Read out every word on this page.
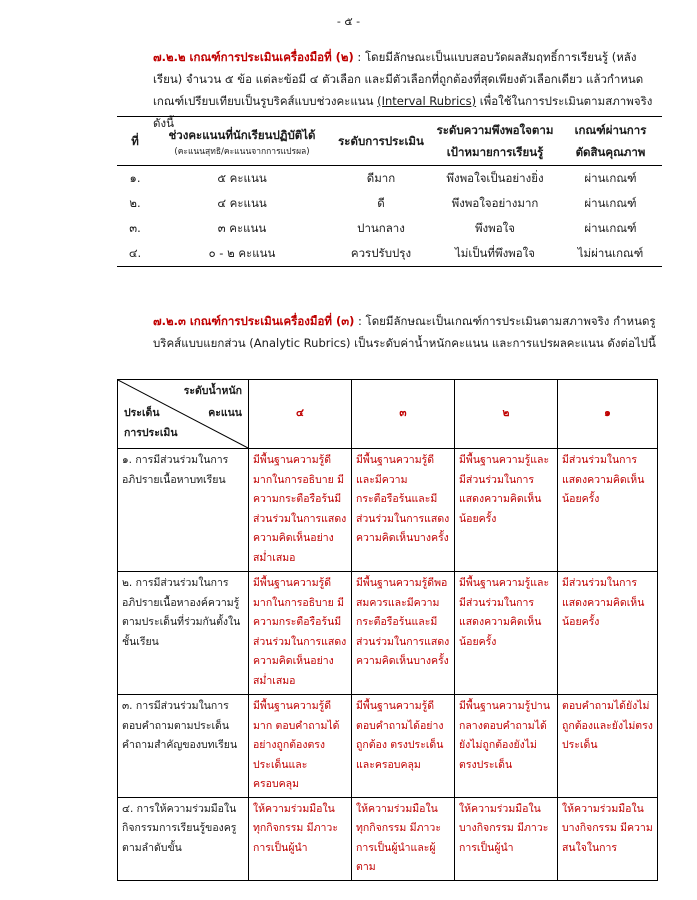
- ๕ -
๗.๒.๒ เกณฑ์การประเมินเครื่องมือที่ (๒) : โดยมีลักษณะเป็นแบบสอบวัดผลสัมฤทธิ์การเรียนรู้ (หลังเรียน) จำนวน ๕ ข้อ แต่ละข้อมี ๔ ตัวเลือก และมีตัวเลือกที่ถูกต้องที่สุดเพียงตัวเลือกเดียว แล้วกำหนดเกณฑ์เปรียบเทียบเป็นรูบริคส์แบบช่วงคะแนน (Interval Rubrics) เพื่อใช้ในการประเมินตามสภาพจริง ดังนี้
ที่	ช่วงคะแนนที่นักเรียนปฏิบัติได้
(คะแนนสุทธิ/คะแนนจากการแปรผล)	ระดับการประเมิน	ระดับความพึงพอใจตามเป้าหมายการเรียนรู้	เกณฑ์ผ่านการตัดสินคุณภาพ
๑.	๕ คะแนน	ดีมาก	พึงพอใจเป็นอย่างยิ่ง	ผ่านเกณฑ์
๒.	๔ คะแนน	ดี	พึงพอใจอย่างมาก	ผ่านเกณฑ์
๓.	๓ คะแนน	ปานกลาง	พึงพอใจ	ผ่านเกณฑ์
๔.	๐ - ๒ คะแนน	ควรปรับปรุง	ไม่เป็นที่พึงพอใจ	ไม่ผ่านเกณฑ์
๗.๒.๓ เกณฑ์การประเมินเครื่องมือที่ (๓) : โดยมีลักษณะเป็นเกณฑ์การประเมินตามสภาพจริง กำหนดรูบริคส์แบบแยกส่วน (Analytic Rubrics) เป็นระดับค่าน้ำหนักคะแนน และการแปรผลคะแนน ดังต่อไปนี้
ระดับน้ำหนัก
คะแนน
ประเด็น
การประเมิน	๔	๓	๒	๑
๑. การมีส่วนร่วมในการอภิปรายเนื้อหาบทเรียน	มีพื้นฐานความรู้ดีมากในการอธิบาย มีความกระตือรือร้นมีส่วนร่วมในการแสดงความคิดเห็นอย่างสม่ำเสมอ	มีพื้นฐานความรู้ดีและมีความกระตือรือร้นและมีส่วนร่วมในการแสดงความคิดเห็นบางครั้ง	มีพื้นฐานความรู้และมีส่วนร่วมในการแสดงความคิดเห็นน้อยครั้ง	มีส่วนร่วมในการแสดงความคิดเห็นน้อยครั้ง
๒. การมีส่วนร่วมในการอภิปรายเนื้อหาองค์ความรู้ตามประเด็นที่ร่วมกันตั้งในชั้นเรียน	มีพื้นฐานความรู้ดีมากในการอธิบาย มีความกระตือรือร้นมีส่วนร่วมในการแสดงความคิดเห็นอย่างสม่ำเสมอ	มีพื้นฐานความรู้ดีพอสมควรและมีความกระตือรือร้นและมีส่วนร่วมในการแสดงความคิดเห็นบางครั้ง	มีพื้นฐานความรู้และมีส่วนร่วมในการแสดงความคิดเห็นน้อยครั้ง	มีส่วนร่วมในการแสดงความคิดเห็นน้อยครั้ง
๓. การมีส่วนร่วมในการตอบคำถามตามประเด็นคำถามสำคัญของบทเรียน	มีพื้นฐานความรู้ดีมาก ตอบคำถามได้อย่างถูกต้องตรงประเด็นและครอบคลุม	มีพื้นฐานความรู้ดี ตอบคำถามได้อย่างถูกต้อง ตรงประเด็นและครอบคลุม	มีพื้นฐานความรู้ปานกลางตอบคำถามได้ ยังไม่ถูกต้องยังไม่ตรงประเด็น	ตอบคำถามได้ยังไม่ถูกต้องและยังไม่ตรงประเด็น
๔. การให้ความร่วมมือในกิจกรรมการเรียนรู้ของครูตามลำดับขั้น	ให้ความร่วมมือในทุกกิจกรรม มีภาวะการเป็นผู้นำ	ให้ความร่วมมือในทุกกิจกรรม มีภาวะการเป็นผู้นำและผู้ตาม	ให้ความร่วมมือในบางกิจกรรม มีภาวะการเป็นผู้นำ	ให้ความร่วมมือในบางกิจกรรม มีความสนใจในการ
